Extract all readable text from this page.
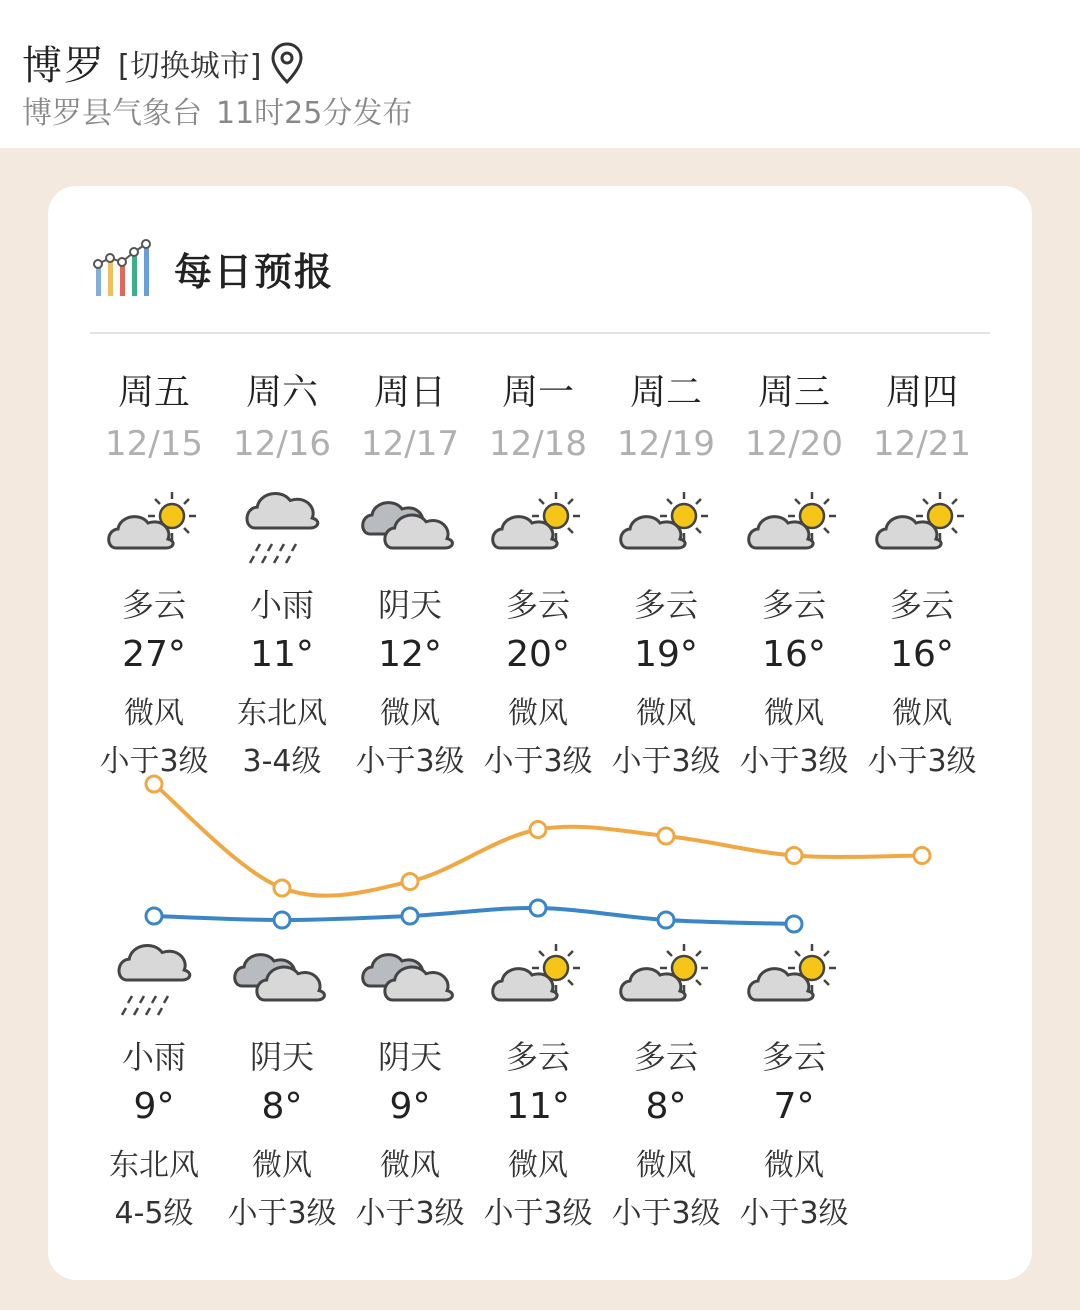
博罗 [切换城市]
博罗县气象台 11时25分发布
每日预报
周五
12/15
多云
27°
微风
小于3级
小雨
9°
东北风
4-5级
周六
12/16
小雨
11°
东北风
3-4级
阴天
8°
微风
小于3级
周日
12/17
阴天
12°
微风
小于3级
阴天
9°
微风
小于3级
周一
12/18
多云
20°
微风
小于3级
多云
11°
微风
小于3级
周二
12/19
多云
19°
微风
小于3级
多云
8°
微风
小于3级
周三
12/20
多云
16°
微风
小于3级
多云
7°
微风
小于3级
周四
12/21
多云
16°
微风
小于3级
